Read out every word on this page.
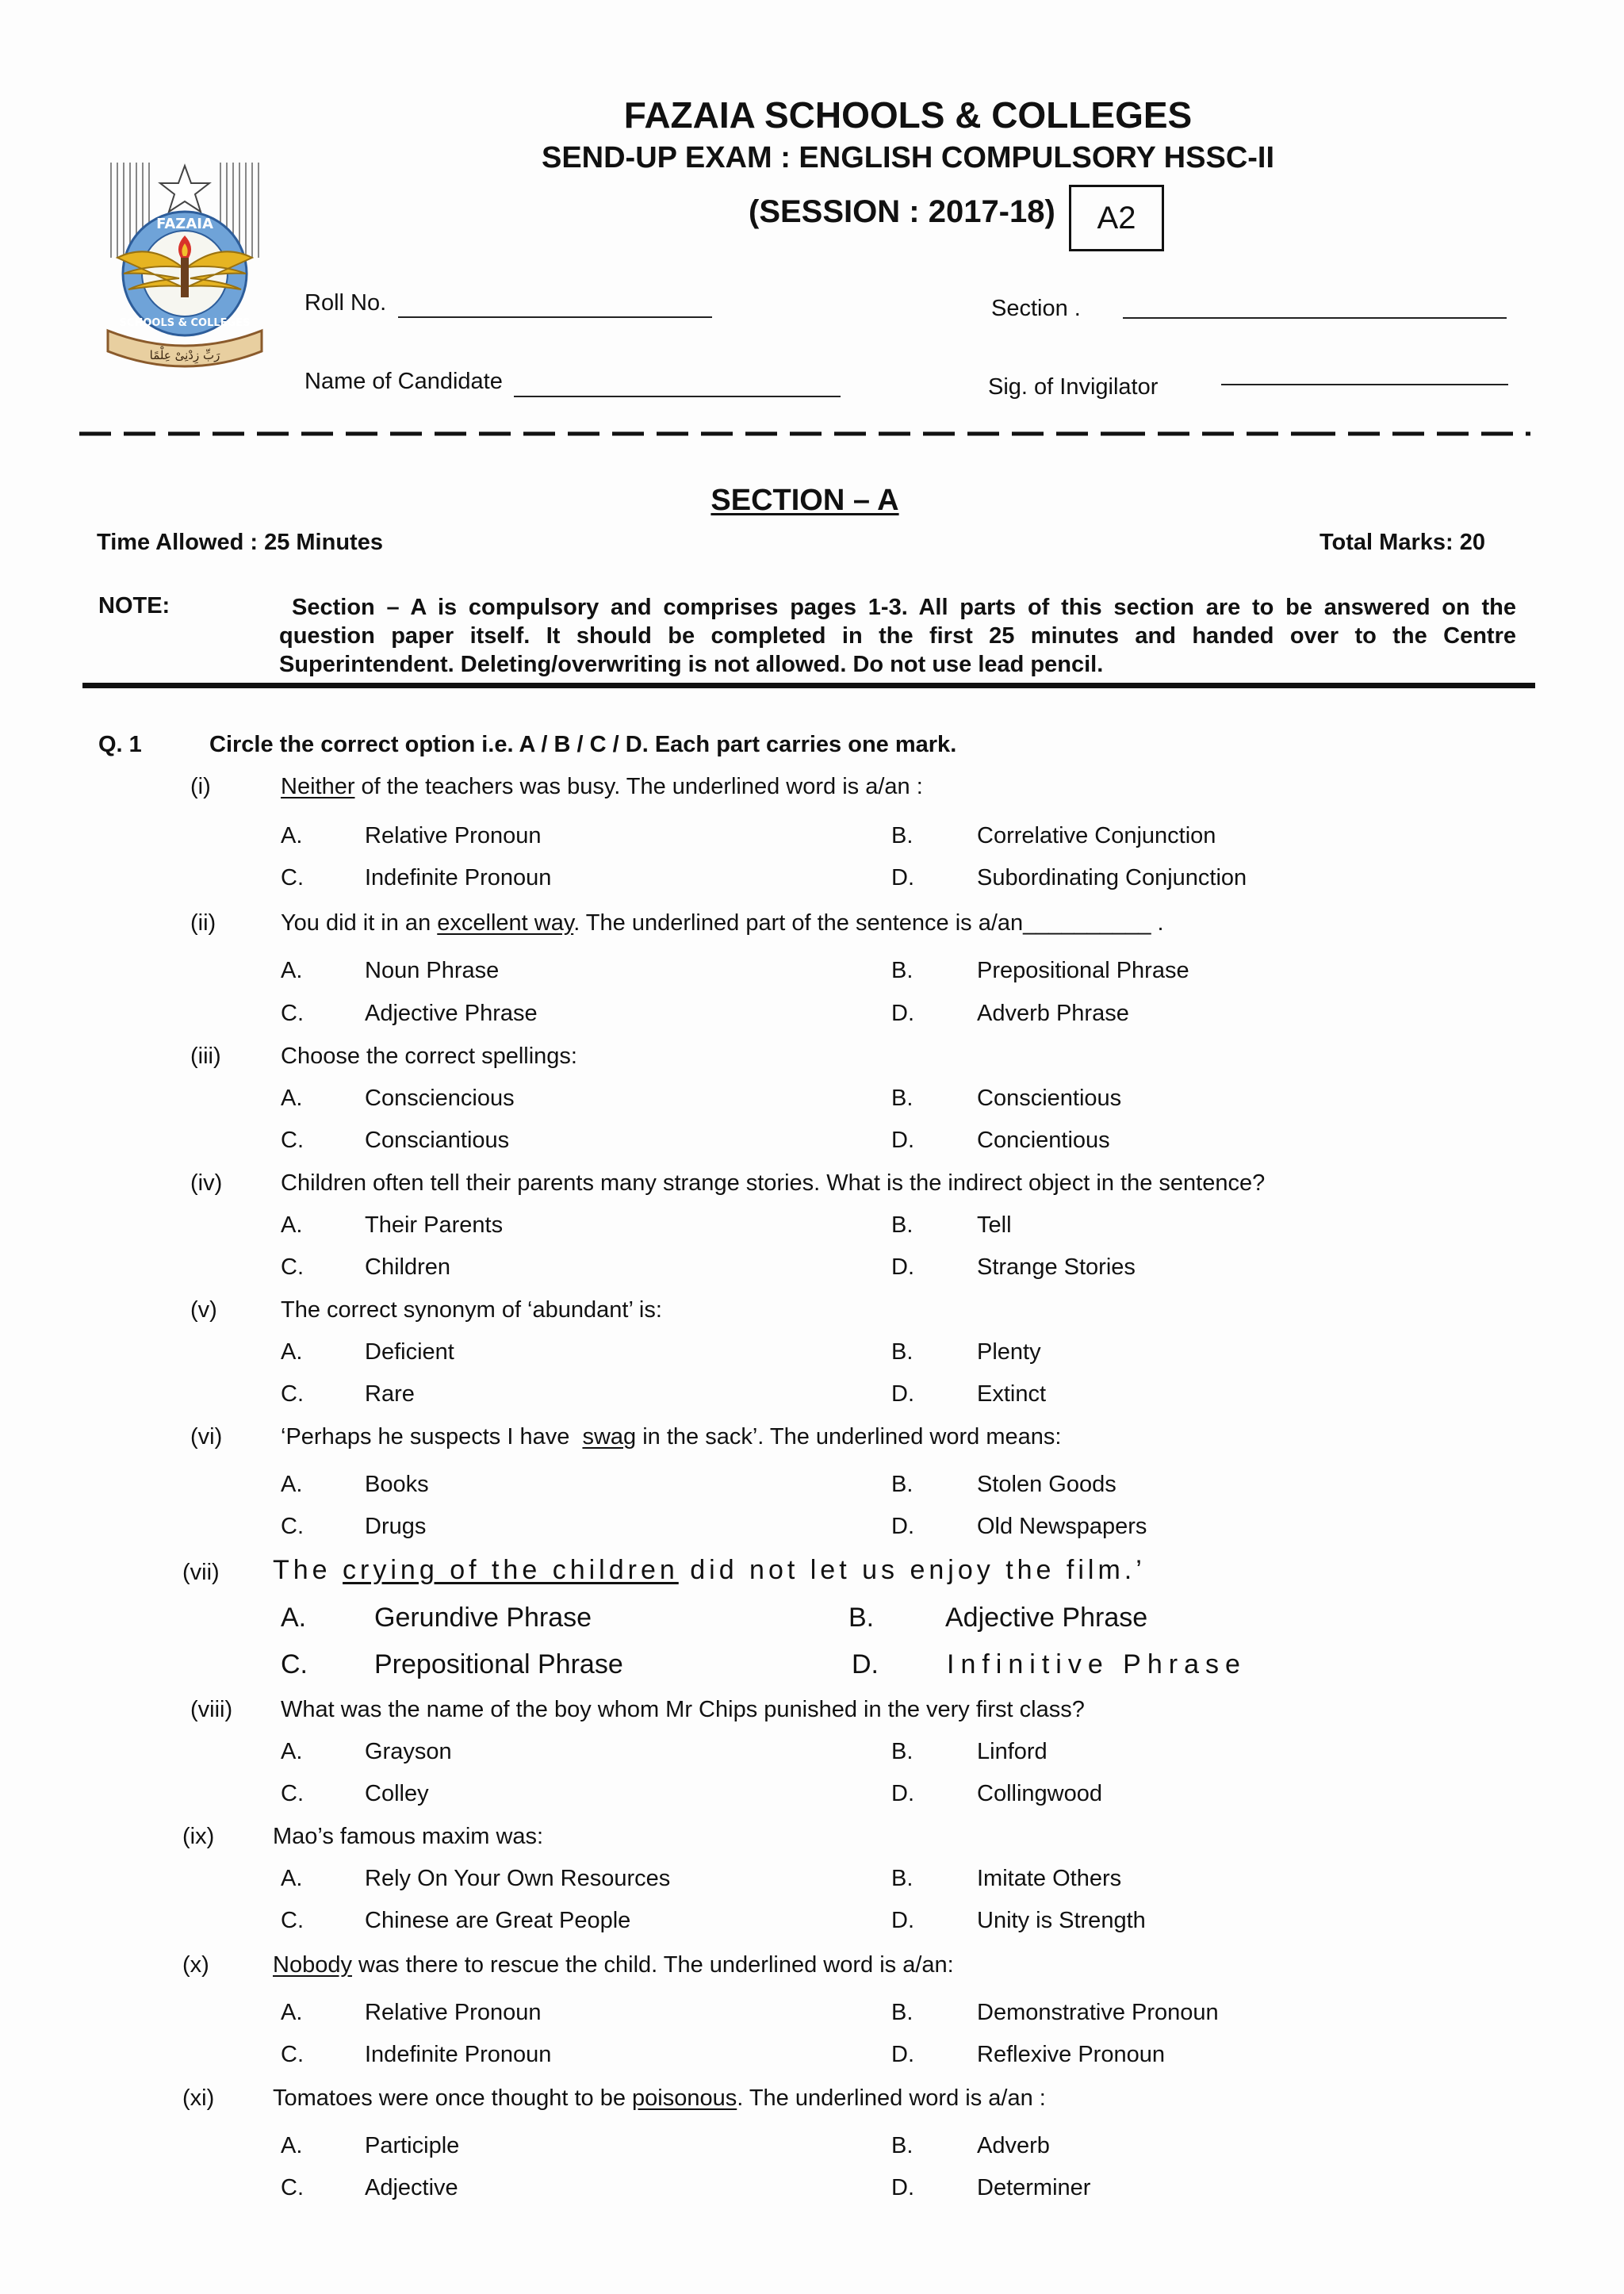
FAZAIA SCHOOLS & COLLEGES
SEND-UP EXAM : ENGLISH COMPULSORY HSSC-II
(SESSION : 2017-18)	A2
FAZAIA
SCHOOLS & COLLEGES
رَبِّ زِدْنِیْ عِلْمًا
Roll No.	Section .
Name of Candidate	Sig. of Invigilator
SECTION – A
Time Allowed : 25 Minutes	Total Marks: 20
NOTE:	Section – A is compulsory and comprises pages 1-3. All parts of this section are to be answered on the question paper itself. It should be completed in the first 25 minutes and handed over to the Centre Superintendent. Deleting/overwriting is not allowed. Do not use lead pencil.
Q. 1	Circle the correct option i.e. A / B / C / D. Each part carries one mark.
(i)	Neither of the teachers was busy. The underlined word is a/an :
A.	Relative Pronoun	B.	Correlative Conjunction
C.	Indefinite Pronoun	D.	Subordinating Conjunction
(ii)	You did it in an excellent way. The underlined part of the sentence is a/an__________ .
A.	Noun Phrase	B.	Prepositional Phrase
C.	Adjective Phrase	D.	Adverb Phrase
(iii)	Choose the correct spellings:
A.	Consciencious	B.	Conscientious
C.	Consciantious	D.	Concientious
(iv)	Children often tell their parents many strange stories. What is the indirect object in the sentence?
A.	Their Parents	B.	Tell
C.	Children	D.	Strange Stories
(v)	The correct synonym of ‘abundant’ is:
A.	Deficient	B.	Plenty
C.	Rare	D.	Extinct
(vi)	‘Perhaps he suspects I have  swag in the sack’. The underlined word means:
A.	Books	B.	Stolen Goods
C.	Drugs	D.	Old Newspapers
(vii) The crying of the children did not let us enjoy the film.’
A.	Gerundive Phrase	B.	Adjective Phrase
C. Prepositional Phrase	D.	Infinitive Phrase
(viii) What was the name of the boy whom Mr Chips punished in the very first class?
A.	Grayson	B.	Linford
C.	Colley	D.	Collingwood
(ix)	Mao’s famous maxim was:
A.	Rely On Your Own Resources	B.	Imitate Others
C.	Chinese are Great People	D.	Unity is Strength
(x)	Nobody was there to rescue the child. The underlined word is a/an:
A.	Relative Pronoun	B.	Demonstrative Pronoun
C.	Indefinite Pronoun	D.	Reflexive Pronoun
(xi)	Tomatoes were once thought to be poisonous. The underlined word is a/an :
A.	Participle	B.	Adverb
C.	Adjective	D.	Determiner
